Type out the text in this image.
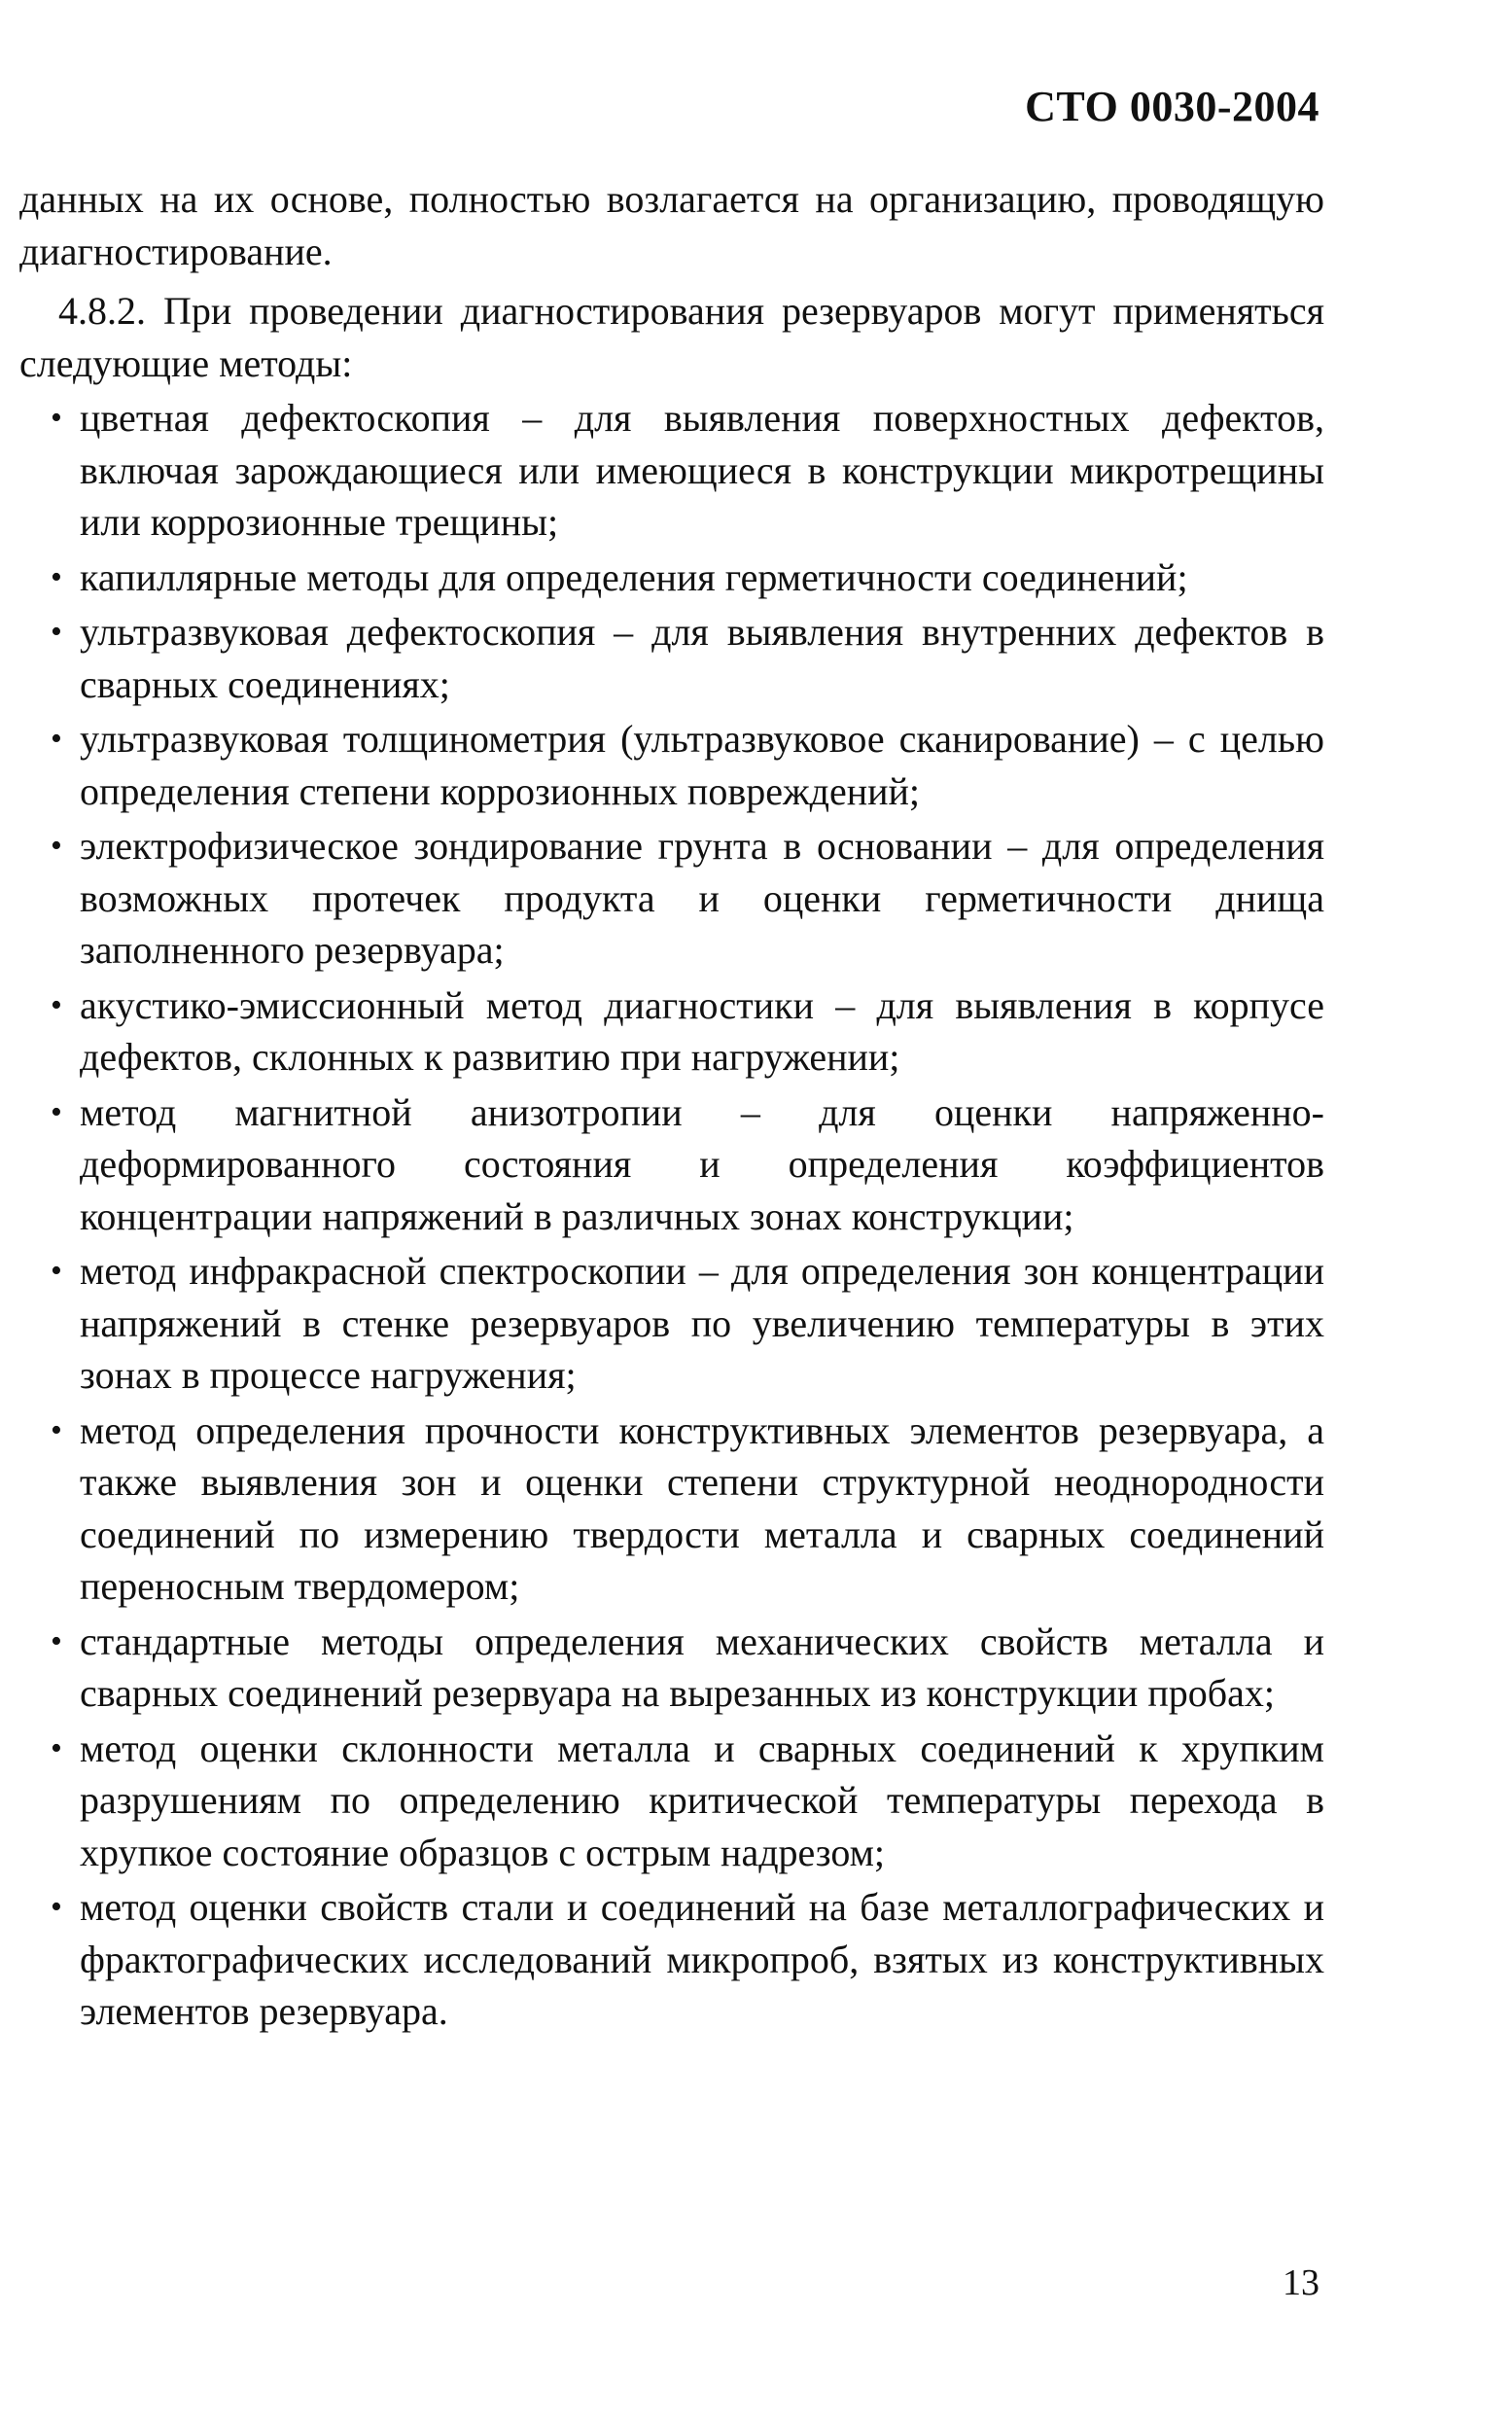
СТО 0030-2004

данных на их основе, полностью возлагается на организацию, проводящую диагностирование.

4.8.2. При проведении диагностирования резервуаров могут применяться следующие методы:

• цветная дефектоскопия – для выявления поверхностных дефектов, включая зарождающиеся или имеющиеся в конструкции микротрещины или коррозионные трещины;
• капиллярные методы для определения герметичности соединений;
• ультразвуковая дефектоскопия – для выявления внутренних дефектов в сварных соединениях;
• ультразвуковая толщинометрия (ультразвуковое сканирование) – с целью определения степени коррозионных повреждений;
• электрофизическое зондирование грунта в основании – для определения возможных протечек продукта и оценки герметичности днища заполненного резервуара;
• акустико-эмиссионный метод диагностики – для выявления в корпусе дефектов, склонных к развитию при нагружении;
• метод магнитной анизотропии – для оценки напряженно-деформированного состояния и определения коэффициентов концентрации напряжений в различных зонах конструкции;
• метод инфракрасной спектроскопии – для определения зон концентрации напряжений в стенке резервуаров по увеличению температуры в этих зонах в процессе нагружения;
• метод определения прочности конструктивных элементов резервуара, а также выявления зон и оценки степени структурной неоднородности соединений по измерению твердости металла и сварных соединений переносным твердомером;
• стандартные методы определения механических свойств металла и сварных соединений резервуара на вырезанных из конструкции пробах;
• метод оценки склонности металла и сварных соединений к хрупким разрушениям по определению критической температуры перехода в хрупкое состояние образцов с острым надрезом;
• метод оценки свойств стали и соединений на базе металлографических и фрактографических исследований микропроб, взятых из конструктивных элементов резервуара.
13
